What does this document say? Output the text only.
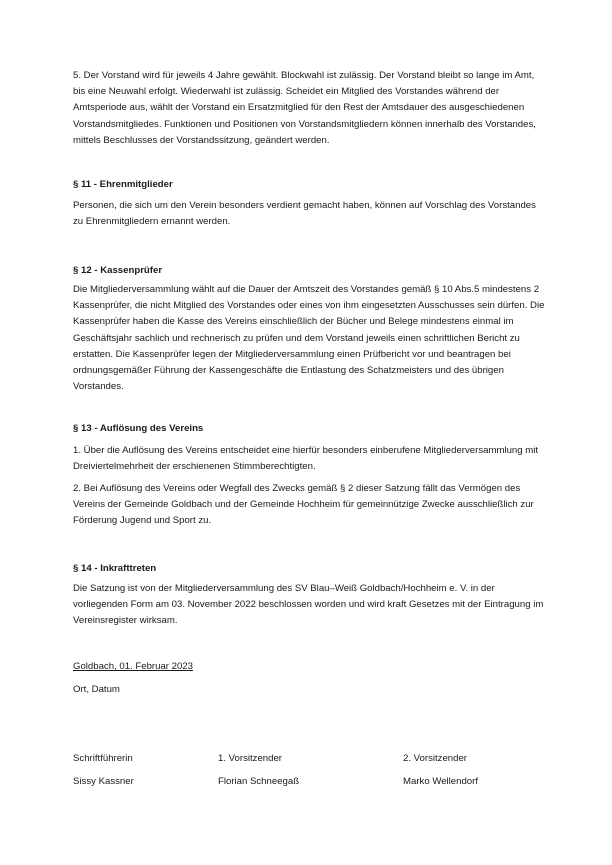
5. Der Vorstand wird für jeweils 4 Jahre gewählt. Blockwahl ist zulässig. Der Vorstand bleibt so lange im Amt, bis eine Neuwahl erfolgt. Wiederwahl ist zulässig. Scheidet ein Mitglied des Vorstandes während der Amtsperiode aus, wählt der Vorstand ein Ersatzmitglied für den Rest der Amtsdauer des ausgeschiedenen Vorstandsmitgliedes. Funktionen und Positionen von Vorstandsmitgliedern können innerhalb des Vorstandes, mittels Beschlusses der Vorstandssitzung, geändert werden.

§ 11 - Ehrenmitglieder

Personen, die sich um den Verein besonders verdient gemacht haben, können auf Vorschlag des Vorstandes zu Ehrenmitgliedern ernannt werden.

§ 12 - Kassenprüfer

Die Mitgliederversammlung wählt auf die Dauer der Amtszeit des Vorstandes gemäß § 10 Abs.5 mindestens 2 Kassenprüfer, die nicht Mitglied des Vorstandes oder eines von ihm eingesetzten Ausschusses sein dürfen. Die Kassenprüfer haben die Kasse des Vereins einschließlich der Bücher und Belege mindestens einmal im Geschäftsjahr sachlich und rechnerisch zu prüfen und dem Vorstand jeweils einen schriftlichen Bericht zu erstatten. Die Kassenprüfer legen der Mitgliederversammlung einen Prüfbericht vor und beantragen bei ordnungsgemäßer Führung der Kassengeschäfte die Entlastung des Schatzmeisters und des übrigen Vorstandes.

§ 13 - Auflösung des Vereins

1. Über die Auflösung des Vereins entscheidet eine hierfür besonders einberufene Mitgliederversammlung mit Dreiviertelmehrheit der erschienenen Stimmberechtigten.

2. Bei Auflösung des Vereins oder Wegfall des Zwecks gemäß § 2 dieser Satzung fällt das Vermögen des Vereins der Gemeinde Goldbach und der Gemeinde Hochheim für gemeinnützige Zwecke ausschließlich zur Förderung Jugend und Sport zu.

§ 14 - Inkrafttreten

Die Satzung ist von der Mitgliederversammlung des SV Blau–Weiß Goldbach/Hochheim e. V. in der vorliegenden Form am 03. November 2022 beschlossen worden und wird kraft Gesetzes mit der Eintragung im Vereinsregister wirksam.

Goldbach, 01. Februar 2023
Ort, Datum
Schriftführerin
Sissy Kassner
1. Vorsitzender
Florian Schneegaß
2. Vorsitzender
Marko Wellendorf
